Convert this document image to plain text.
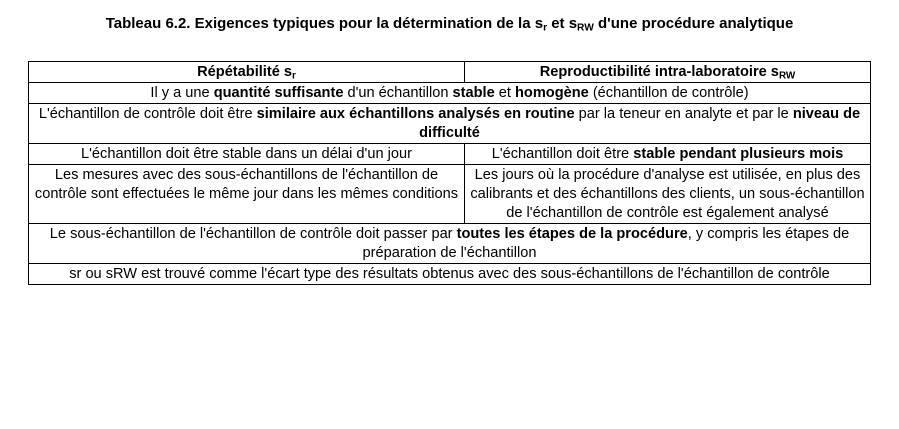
Tableau 6.2. Exigences typiques pour la détermination de la $s_r$ et $s_{RW}$ d'une procédure analytique
Répétabilité $s_r$	Reproductibilité intra-laboratoire $s_{RW}$
Il y a une quantité suffisante d'un échantillon stable et homogène (échantillon de contrôle)	
L'échantillon de contrôle doit être similaire aux échantillons analysés en routine par la teneur en analyte et par le niveau de difficulté	
L'échantillon doit être stable dans un délai d'un jour	L'échantillon doit être stable pendant plusieurs mois
Les mesures avec des sous-échantillons de l'échantillon de contrôle sont effectuées le même jour dans les mêmes conditions	Les jours où la procédure d'analyse est utilisée, en plus des calibrants et des échantillons des clients, un sous-échantillon de l'échantillon de contrôle est également analysé
Le sous-échantillon de l'échantillon de contrôle doit passer par toutes les étapes de la procédure, y compris les étapes de préparation de l'échantillon	
sr ou sRW est trouvé comme l'écart type des résultats obtenus avec des sous-échantillons de l'échantillon de contrôle	
